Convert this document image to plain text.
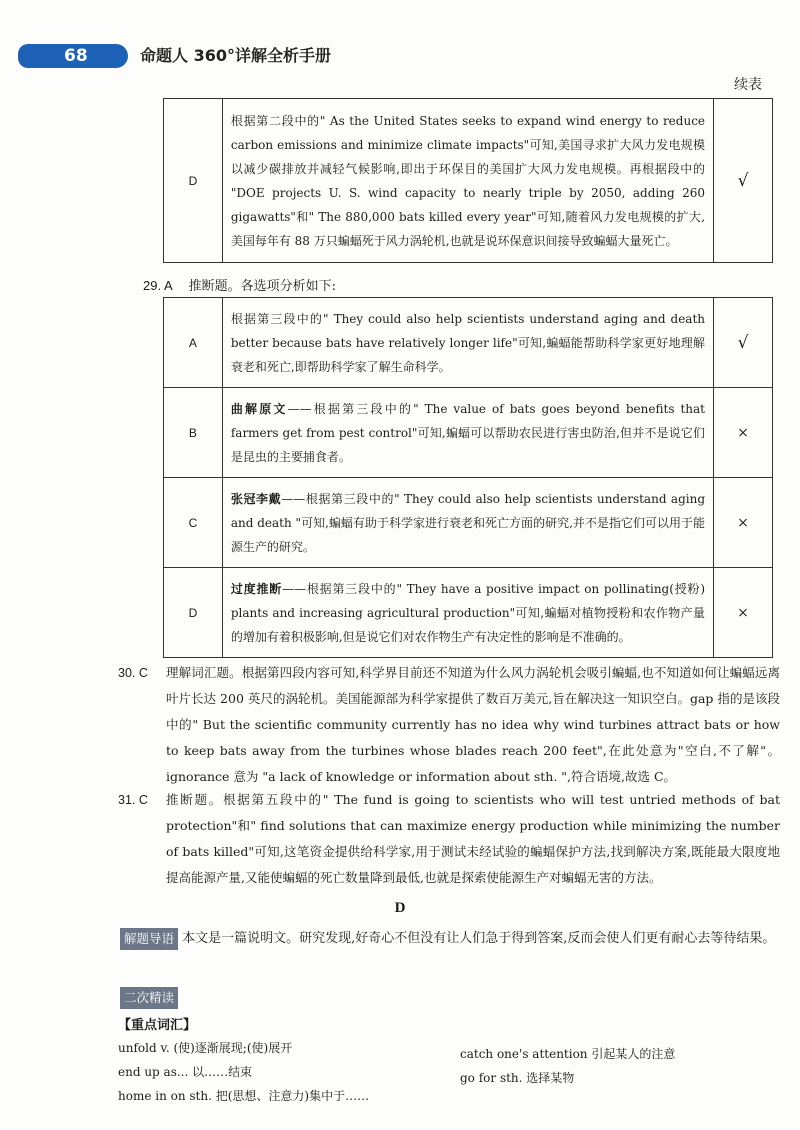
68	命题人 360°详解全析手册
续表
D	根据第二段中的" As the United States seeks to expand wind energy to reduce carbon emissions and minimize climate impacts"可知,美国寻求扩大风力发电规模以减少碳排放并减轻气候影响,即出于环保目的美国扩大风力发电规模。再根据段中的 "DOE projects U. S. wind capacity to nearly triple by 2050, adding 260 gigawatts"和" The 880,000 bats killed every year"可知,随着风力发电规模的扩大,美国每年有 88 万只蝙蝠死于风力涡轮机,也就是说环保意识间接导致蝙蝠大量死亡。	√
29. A 推断题。各选项分析如下:
A	根据第三段中的" They could also help scientists understand aging and death better because bats have relatively longer life"可知,蝙蝠能帮助科学家更好地理解衰老和死亡,即帮助科学家了解生命科学。	√
B	曲解原文——根据第三段中的" The value of bats goes beyond benefits that farmers get from pest control"可知,蝙蝠可以帮助农民进行害虫防治,但并不是说它们是昆虫的主要捕食者。	×
C	张冠李戴——根据第三段中的" They could also help scientists understand aging and death "可知,蝙蝠有助于科学家进行衰老和死亡方面的研究,并不是指它们可以用于能源生产的研究。	×
D	过度推断——根据第三段中的" They have a positive impact on pollinating(授粉) plants and increasing agricultural production"可知,蝙蝠对植物授粉和农作物产量的增加有着积极影响,但是说它们对农作物生产有决定性的影响是不准确的。	×
30. C	理解词汇题。根据第四段内容可知,科学界目前还不知道为什么风力涡轮机会吸引蝙蝠,也不知道如何让蝙蝠远离叶片长达 200 英尺的涡轮机。美国能源部为科学家提供了数百万美元,旨在解决这一知识空白。gap 指的是该段中的" But the scientific community currently has no idea why wind turbines attract bats or how to keep bats away from the turbines whose blades reach 200 feet",在此处意为"空白,不了解"。ignorance 意为 "a lack of knowledge or information about sth. ",符合语境,故选 C。
31. C	推断题。根据第五段中的" The fund is going to scientists who will test untried methods of bat protection"和" find solutions that can maximize energy production while minimizing the number of bats killed"可知,这笔资金提供给科学家,用于测试未经试验的蝙蝠保护方法,找到解决方案,既能最大限度地提高能源产量,又能使蝙蝠的死亡数量降到最低,也就是探索使能源生产对蝙蝠无害的方法。
D
解题导语 本文是一篇说明文。研究发现,好奇心不但没有让人们急于得到答案,反而会使人们更有耐心去等待结果。
二次精读
【重点词汇】
unfold v. (使)逐渐展现;(使)展开
end up as... 以……结束
home in on sth. 把(思想、注意力)集中于……
catch one's attention 引起某人的注意
go for sth. 选择某物
